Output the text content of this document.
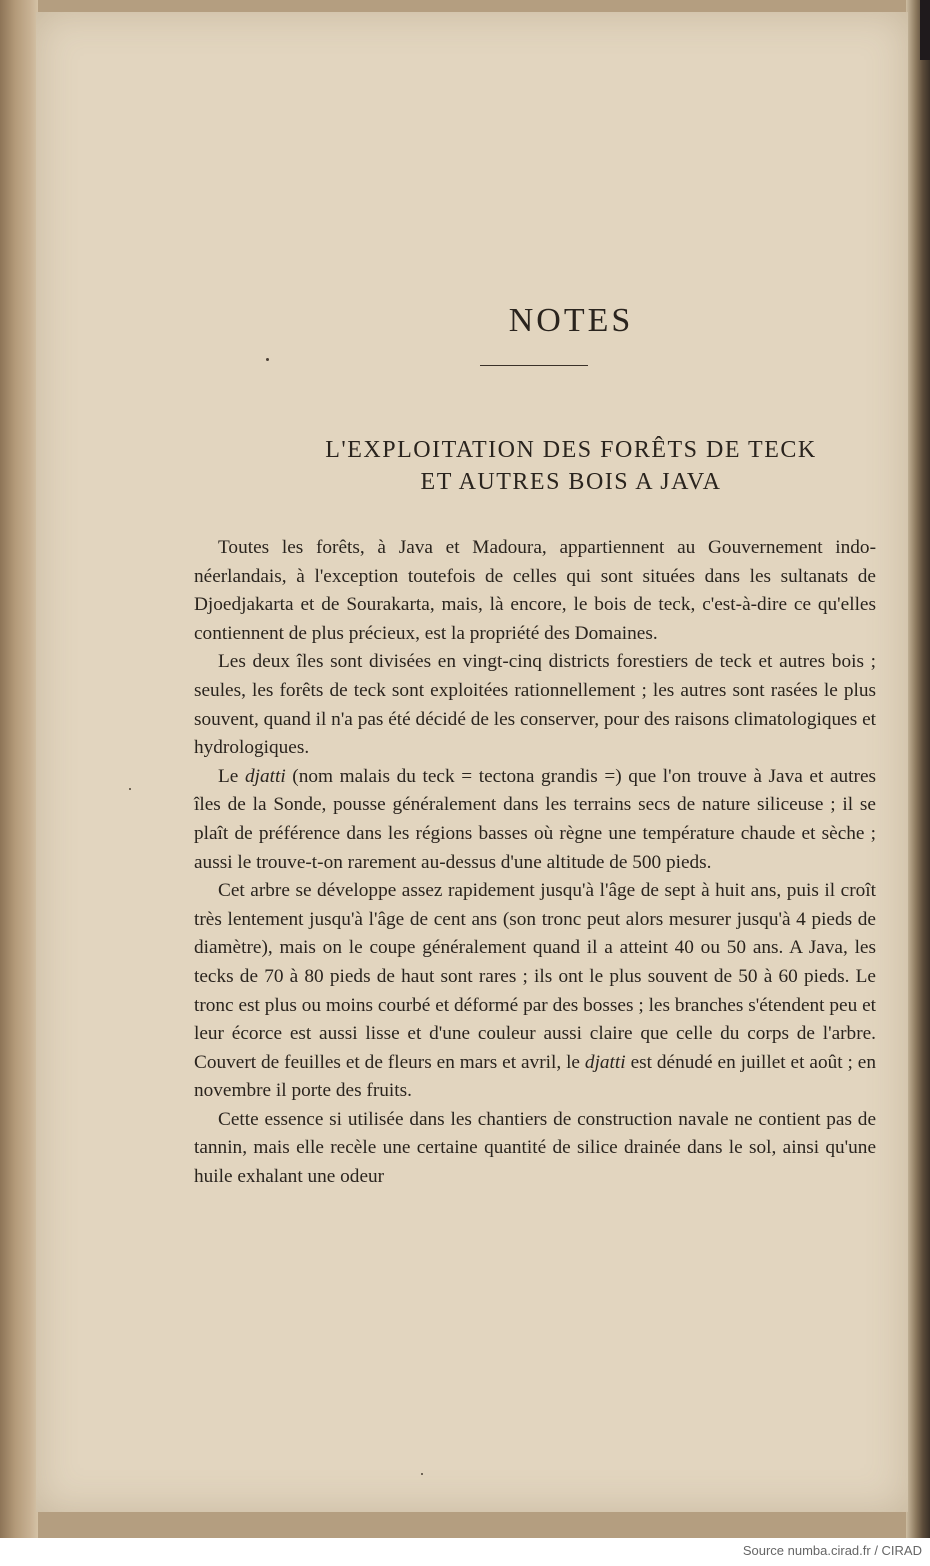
NOTES
L'EXPLOITATION DES FORÊTS DE TECK
ET AUTRES BOIS A JAVA

Toutes les forêts, à Java et Madoura, appartiennent au Gouvernement indo-néerlandais, à l'exception toutefois de celles qui sont situées dans les sultanats de Djoedjakarta et de Sourakarta, mais, là encore, le bois de teck, c'est-à-dire ce qu'elles contiennent de plus précieux, est la propriété des Domaines.

Les deux îles sont divisées en vingt-cinq districts forestiers de teck et autres bois ; seules, les forêts de teck sont exploitées rationnellement ; les autres sont rasées le plus souvent, quand il n'a pas été décidé de les conserver, pour des raisons climatologiques et hydrologiques.

Le djatti (nom malais du teck = tectona grandis =) que l'on trouve à Java et autres îles de la Sonde, pousse généralement dans les terrains secs de nature siliceuse ; il se plaît de préférence dans les régions basses où règne une température chaude et sèche ; aussi le trouve-t-on rarement au-dessus d'une altitude de 500 pieds.

Cet arbre se développe assez rapidement jusqu'à l'âge de sept à huit ans, puis il croît très lentement jusqu'à l'âge de cent ans (son tronc peut alors mesurer jusqu'à 4 pieds de diamètre), mais on le coupe généralement quand il a atteint 40 ou 50 ans. A Java, les tecks de 70 à 80 pieds de haut sont rares ; ils ont le plus souvent de 50 à 60 pieds. Le tronc est plus ou moins courbé et déformé par des bosses ; les branches s'étendent peu et leur écorce est aussi lisse et d'une couleur aussi claire que celle du corps de l'arbre. Couvert de feuilles et de fleurs en mars et avril, le djatti est dénudé en juillet et août ; en novembre il porte des fruits.

Cette essence si utilisée dans les chantiers de construction navale ne contient pas de tannin, mais elle recèle une certaine quantité de silice drainée dans le sol, ainsi qu'une huile exhalant une odeur

Source numba.cirad.fr / CIRAD
